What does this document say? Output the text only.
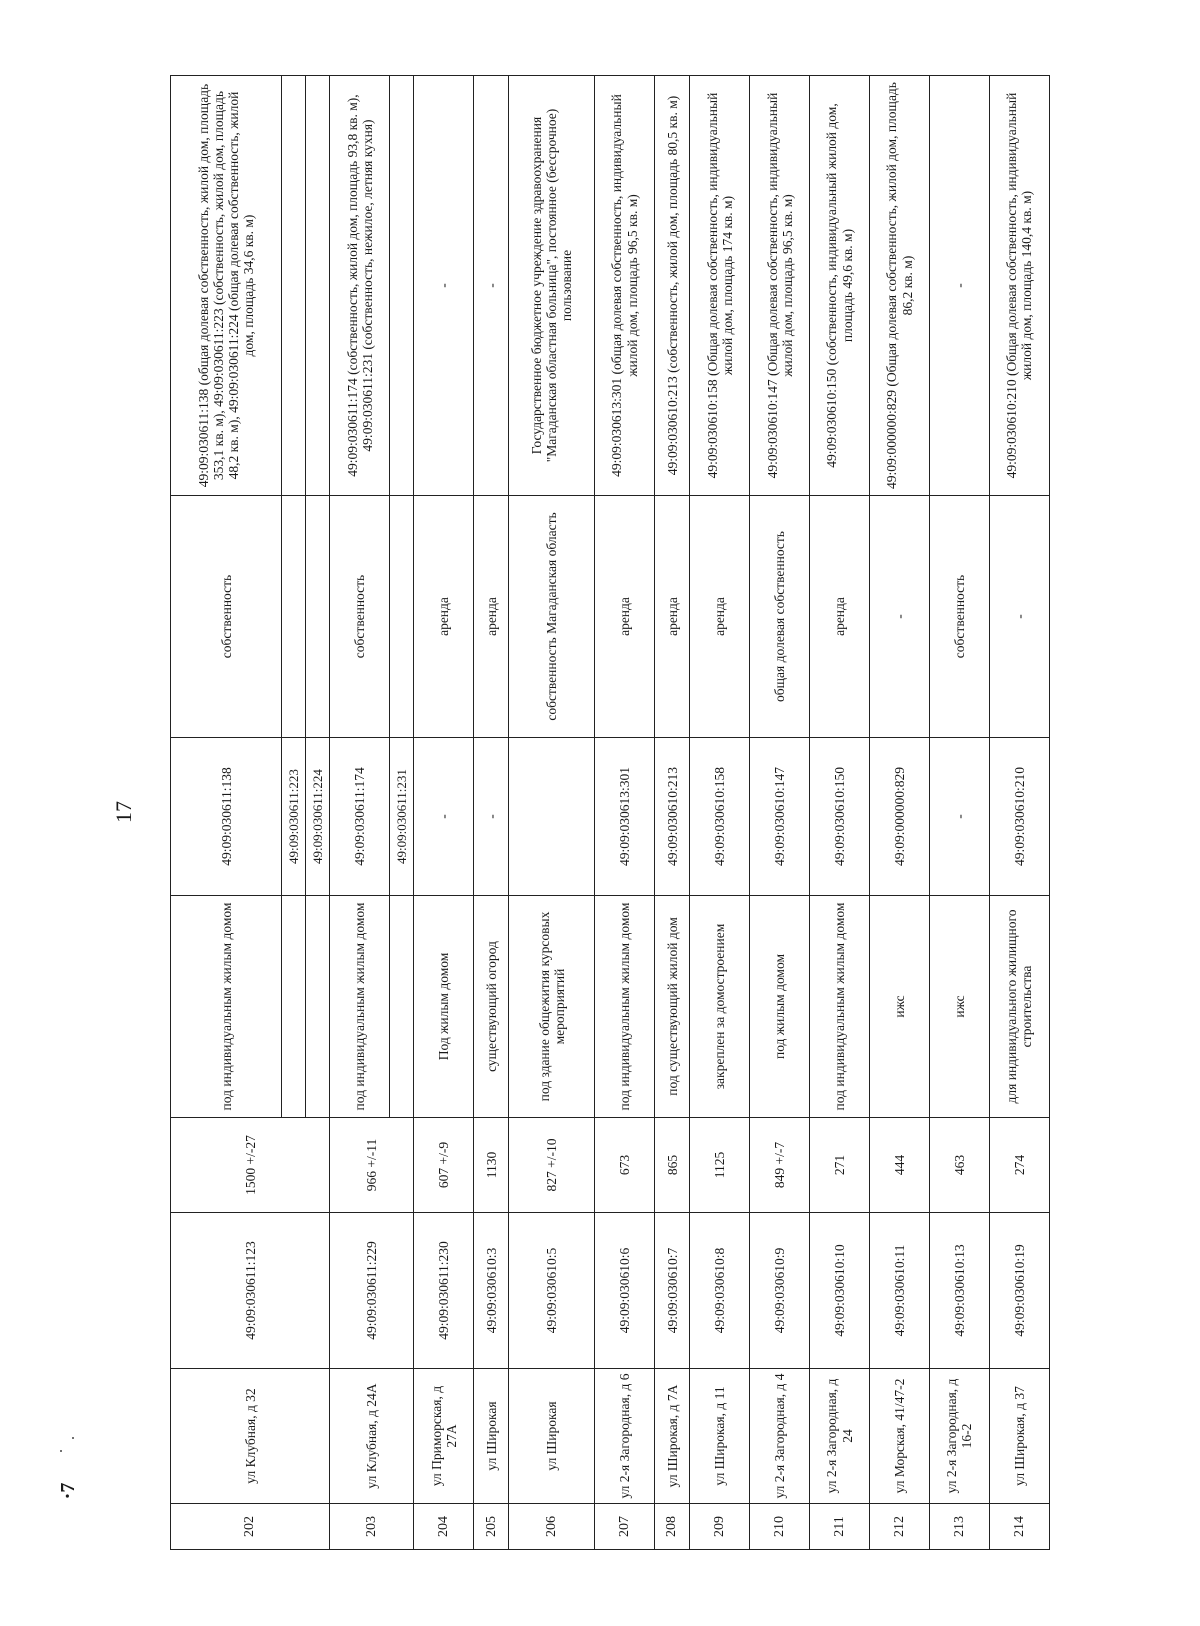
17
·7
202	ул Клубная, д 32	49:09:030611:123	1500 +/-27	под индивидуальным жилым домом	49:09:030611:138	собственность	49:09:030611:138 (общая долевая собственность, жилой дом, площадь 353,1 кв. м), 49:09:030611:223 (собственность, жилой дом, площадь 48,2 кв. м), 49:09:030611:224 (общая долевая собственность, жилой дом, площадь 34,6 кв. м)
					49:09:030611:223		
					49:09:030611:224		
203	ул Клубная, д 24А	49:09:030611:229	966 +/-11	под индивидуальным жилым домом	49:09:030611:174	собственность	49:09:030611:174 (собственность, жилой дом, площадь 93,8 кв. м), 49:09:030611:231 (собственность, нежилое, летняя кухня)
					49:09:030611:231		
204	ул Приморская, д 27А	49:09:030611:230	607 +/-9	Под жилым домом	-	аренда	-
205	ул Широкая	49:09:030610:3	1130	существующий огород	-	аренда	-
206	ул Широкая	49:09:030610:5	827 +/-10	под здание общежития курсовых мероприятий		собственность Магаданская область	Государственное бюджетное учреждение здравоохранения "Магаданская областная больница", постоянное (бессрочное) пользование
207	ул 2-я Загородная, д 6	49:09:030610:6	673	под индивидуальным жилым домом	49:09:030613:301	аренда	49:09:030613:301 (общая долевая собственность, индивидуальный жилой дом, площадь 96,5 кв. м)
208	ул Широкая, д 7А	49:09:030610:7	865	под существующий жилой дом	49:09:030610:213	аренда	49:09:030610:213 (собственность, жилой дом, площадь 80,5 кв. м)
209	ул Широкая, д 11	49:09:030610:8	1125	закреплен за домостроением	49:09:030610:158	аренда	49:09:030610:158 (Общая долевая собственность, индивидуальный жилой дом, площадь 174 кв. м)
210	ул 2-я Загородная, д 4	49:09:030610:9	849 +/-7	под жилым домом	49:09:030610:147	общая долевая собственность	49:09:030610:147 (Общая долевая собственность, индивидуальный жилой дом, площадь 96,5 кв. м)
211	ул 2-я Загородная, д 24	49:09:030610:10	271	под индивидуальным жилым домом	49:09:030610:150	аренда	49:09:030610:150 (собственность, индивидуальный жилой дом, площадь 49,6 кв. м)
212	ул Морская, 41/47-2	49:09:030610:11	444	ижс	49:09:000000:829	-	49:09:000000:829 (Общая долевая собственность, жилой дом, площадь 86,2 кв. м)
213	ул 2-я Загородная, д 16-2	49:09:030610:13	463	ижс	-	собственность	-
214	ул Широкая, д 37	49:09:030610:19	274	для индивидуального жилищного строительства	49:09:030610:210	-	49:09:030610:210 (Общая долевая собственность, индивидуальный жилой дом, площадь 140,4 кв. м)
